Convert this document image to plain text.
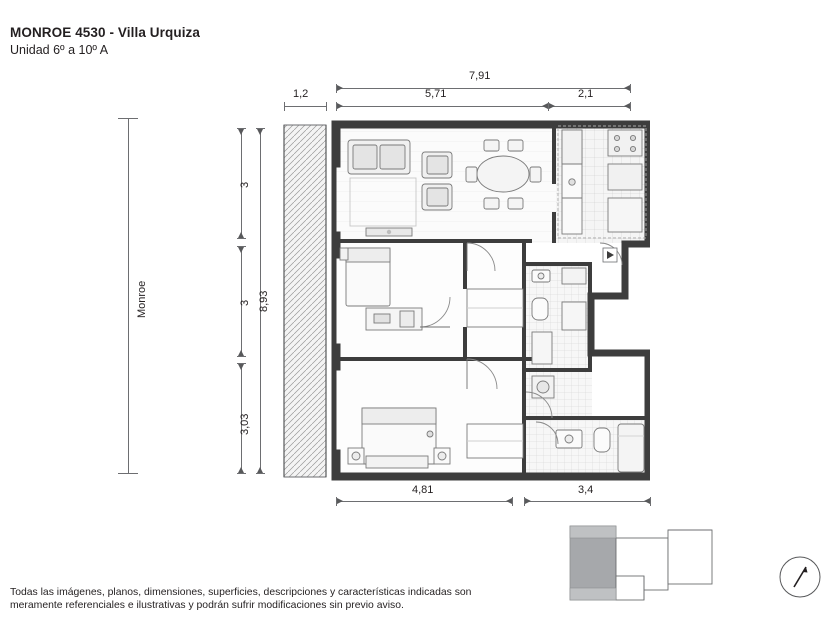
MONROE 4530 - Villa Urquiza
Unidad 6º a 10º A
Monroe
7,91
5,71	2,1
1,2
8,93
3
3
3,03
4,81	3,4
Todas las imágenes, planos, dimensiones, superficies, descripciones y características indicadas son
meramente referenciales e ilustrativas y podrán sufrir modificaciones sin previo aviso.
